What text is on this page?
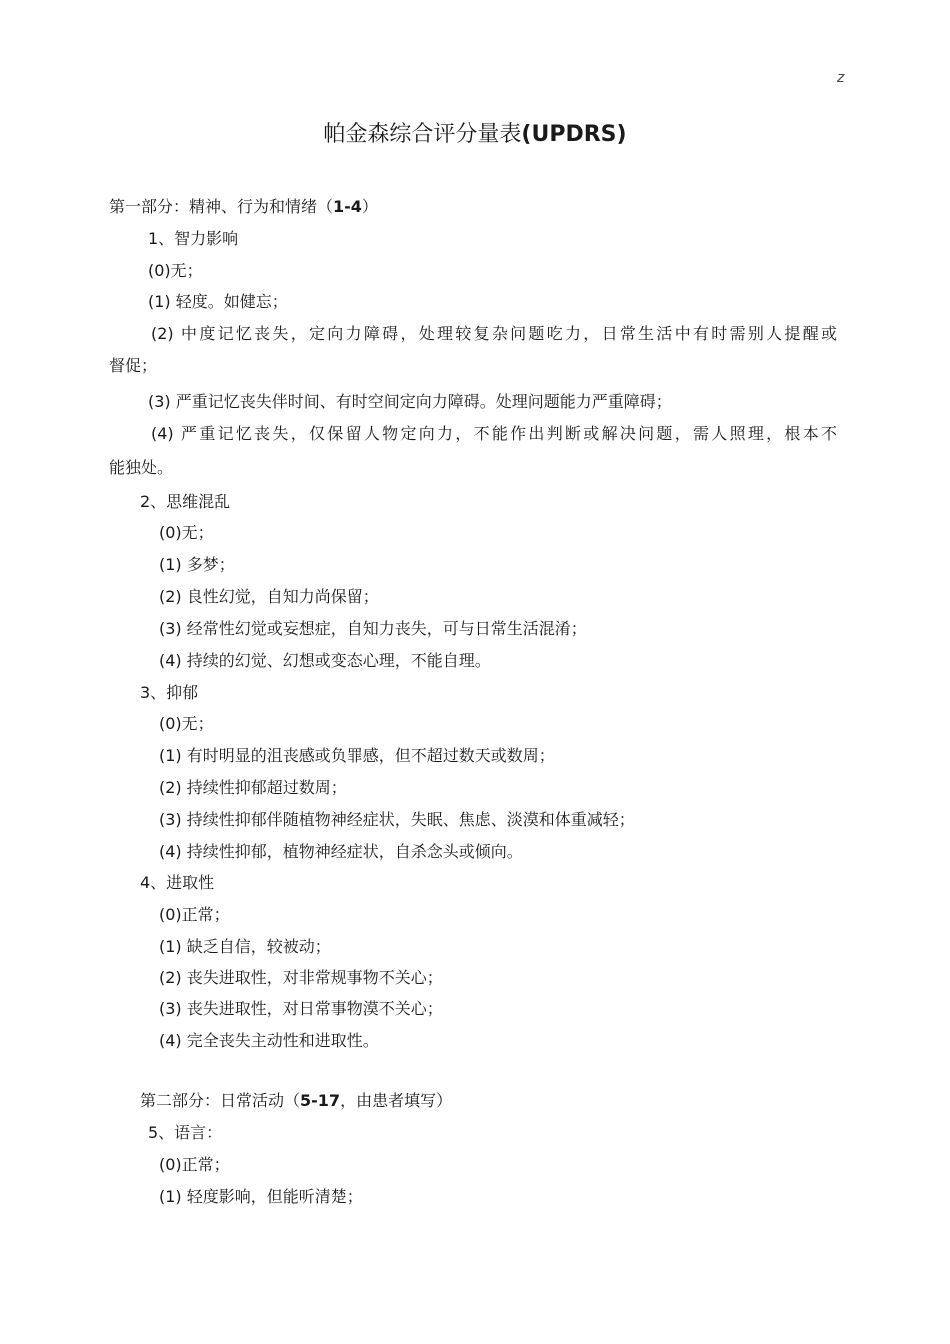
z
帕金森综合评分量表(UPDRS)
第一部分：精神、行为和情绪（1-4）
1、智力影响
(0)无；
(1) 轻度。如健忘；
(2) 中度记忆丧失，定向力障碍，处理较复杂问题吃力，日常生活中有时需别人提醒或
督促；
(3) 严重记忆丧失伴时间、有时空间定向力障碍。处理问题能力严重障碍；
(4) 严重记忆丧失，仅保留人物定向力，不能作出判断或解决问题，需人照理，根本不
能独处。
2、思维混乱
(0)无；
(1) 多梦；
(2) 良性幻觉，自知力尚保留；
(3) 经常性幻觉或妄想症，自知力丧失，可与日常生活混淆；
(4) 持续的幻觉、幻想或变态心理，不能自理。
3、抑郁
(0)无；
(1) 有时明显的沮丧感或负罪感，但不超过数天或数周；
(2) 持续性抑郁超过数周；
(3) 持续性抑郁伴随植物神经症状，失眠、焦虑、淡漠和体重减轻；
(4) 持续性抑郁，植物神经症状，自杀念头或倾向。
4、进取性
(0)正常；
(1) 缺乏自信，较被动；
(2) 丧失进取性，对非常规事物不关心；
(3) 丧失进取性，对日常事物漠不关心；
(4) 完全丧失主动性和进取性。
第二部分：日常活动（5-17，由患者填写）
5、语言：
(0)正常；
(1) 轻度影响，但能听清楚；
